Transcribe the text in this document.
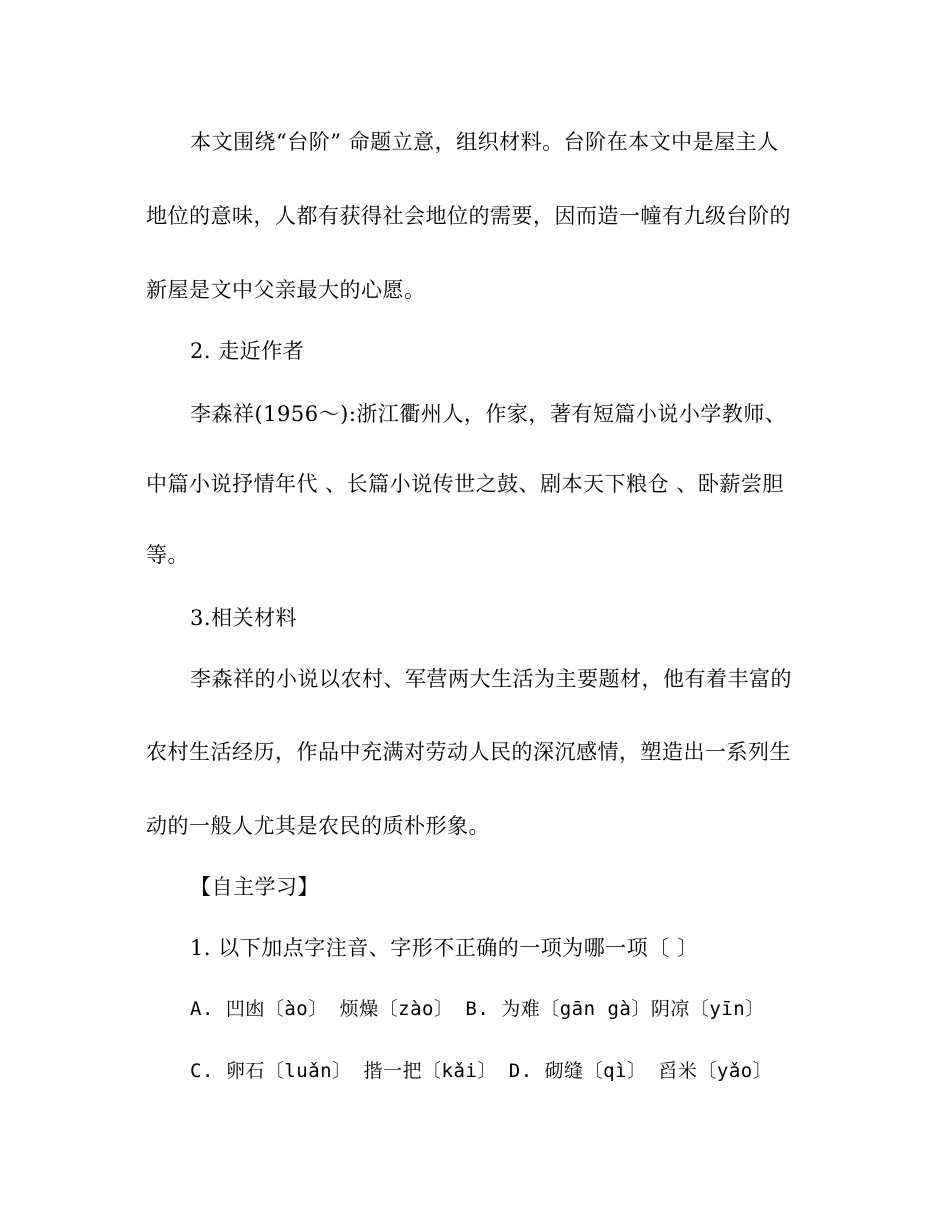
本文围绕“台阶” 命题立意，组织材料。台阶在本文中是屋主人
地位的意味，人都有获得社会地位的需要，因而造一幢有九级台阶的
新屋是文中父亲最大的心愿。
2. 走近作者
李森祥(1956～):浙江衢州人，作家，著有短篇小说小学教师、
中篇小说抒情年代 、长篇小说传世之鼓、剧本天下粮仓 、卧薪尝胆
等。
3.相关材料
李森祥的小说以农村、军营两大生活为主要题材，他有着丰富的
农村生活经历，作品中充满对劳动人民的深沉感情，塑造出一系列生
动的一般人尤其是农民的质朴形象。
【自主学习】
1. 以下加点字注音、字形不正确的一项为哪一项〔 〕
A. 凹凼〔ào〕 烦燥〔zào〕 B. 为难〔gān gà〕阴凉〔yīn〕
C. 卵石〔luǎn〕 揩一把〔kǎi〕 D. 砌缝〔qì〕 舀米〔yǎo〕
